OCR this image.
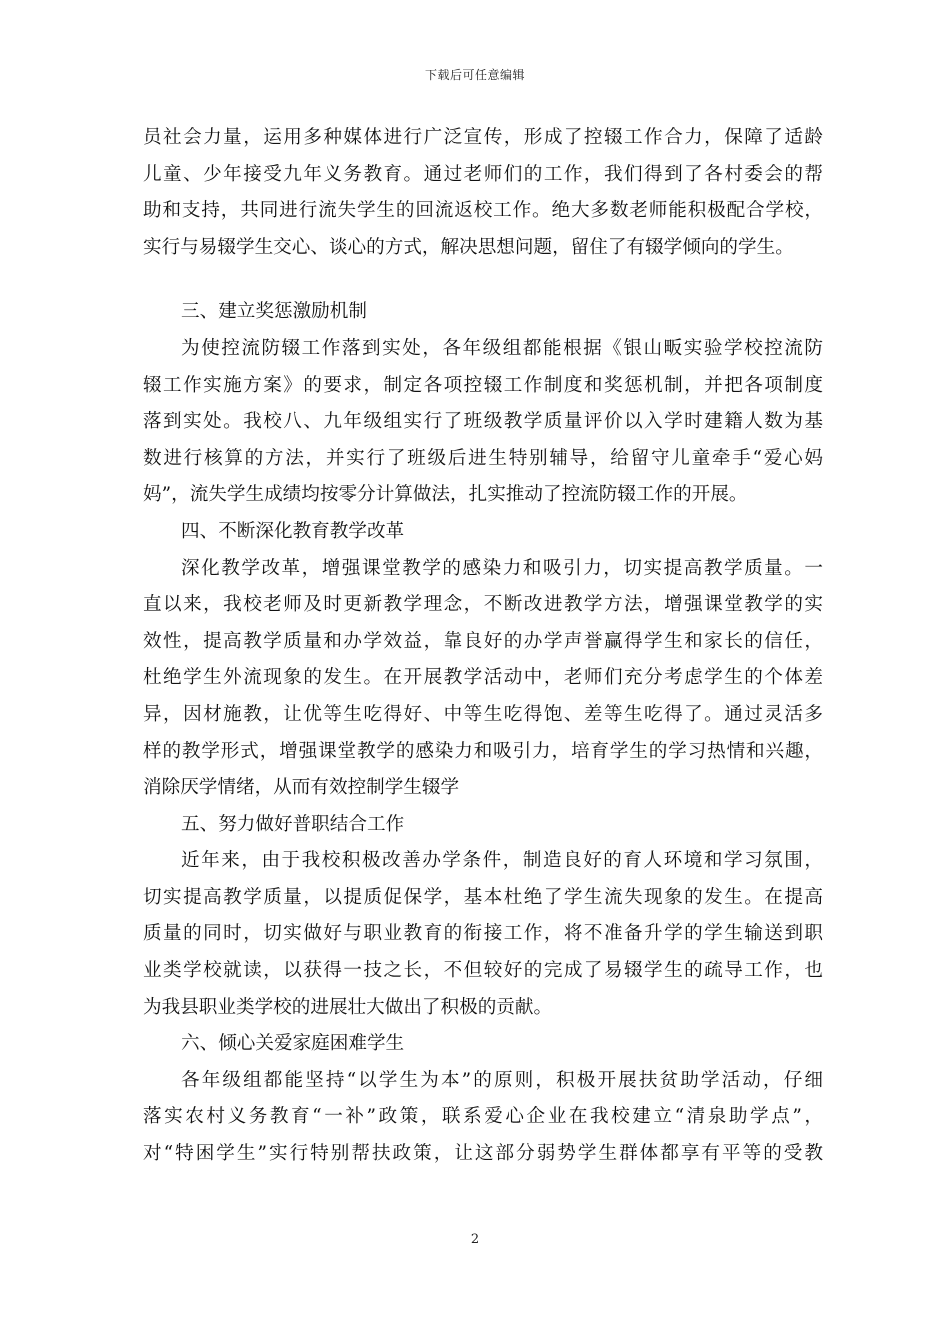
下载后可任意编辑
员社会力量，运用多种媒体进行广泛宣传，形成了控辍工作合力，保障了适龄
儿童、少年接受九年义务教育。通过老师们的工作，我们得到了各村委会的帮
助和支持，共同进行流失学生的回流返校工作。绝大多数老师能积极配合学校，
实行与易辍学生交心、谈心的方式，解决思想问题，留住了有辍学倾向的学生。
三、建立奖惩激励机制
为使控流防辍工作落到实处，各年级组都能根据《银山畈实验学校控流防
辍工作实施方案》的要求，制定各项控辍工作制度和奖惩机制，并把各项制度
落到实处。我校八、九年级组实行了班级教学质量评价以入学时建籍人数为基
数进行核算的方法，并实行了班级后进生特别辅导，给留守儿童牵手“爱心妈
妈”，流失学生成绩均按零分计算做法，扎实推动了控流防辍工作的开展。
四、不断深化教育教学改革
深化教学改革，增强课堂教学的感染力和吸引力，切实提高教学质量。一
直以来，我校老师及时更新教学理念，不断改进教学方法，增强课堂教学的实
效性，提高教学质量和办学效益，靠良好的办学声誉赢得学生和家长的信任，
杜绝学生外流现象的发生。在开展教学活动中，老师们充分考虑学生的个体差
异，因材施教，让优等生吃得好、中等生吃得饱、差等生吃得了。通过灵活多
样的教学形式，增强课堂教学的感染力和吸引力，培育学生的学习热情和兴趣，
消除厌学情绪，从而有效控制学生辍学
五、努力做好普职结合工作
近年来，由于我校积极改善办学条件，制造良好的育人环境和学习氛围，
切实提高教学质量，以提质促保学，基本杜绝了学生流失现象的发生。在提高
质量的同时，切实做好与职业教育的衔接工作，将不准备升学的学生输送到职
业类学校就读，以获得一技之长，不但较好的完成了易辍学生的疏导工作，也
为我县职业类学校的进展壮大做出了积极的贡献。
六、倾心关爱家庭困难学生
各年级组都能坚持“以学生为本”的原则，积极开展扶贫助学活动，仔细
落实农村义务教育“一补”政策，联系爱心企业在我校建立“清泉助学点”，
对“特困学生”实行特别帮扶政策，让这部分弱势学生群体都享有平等的受教
2
